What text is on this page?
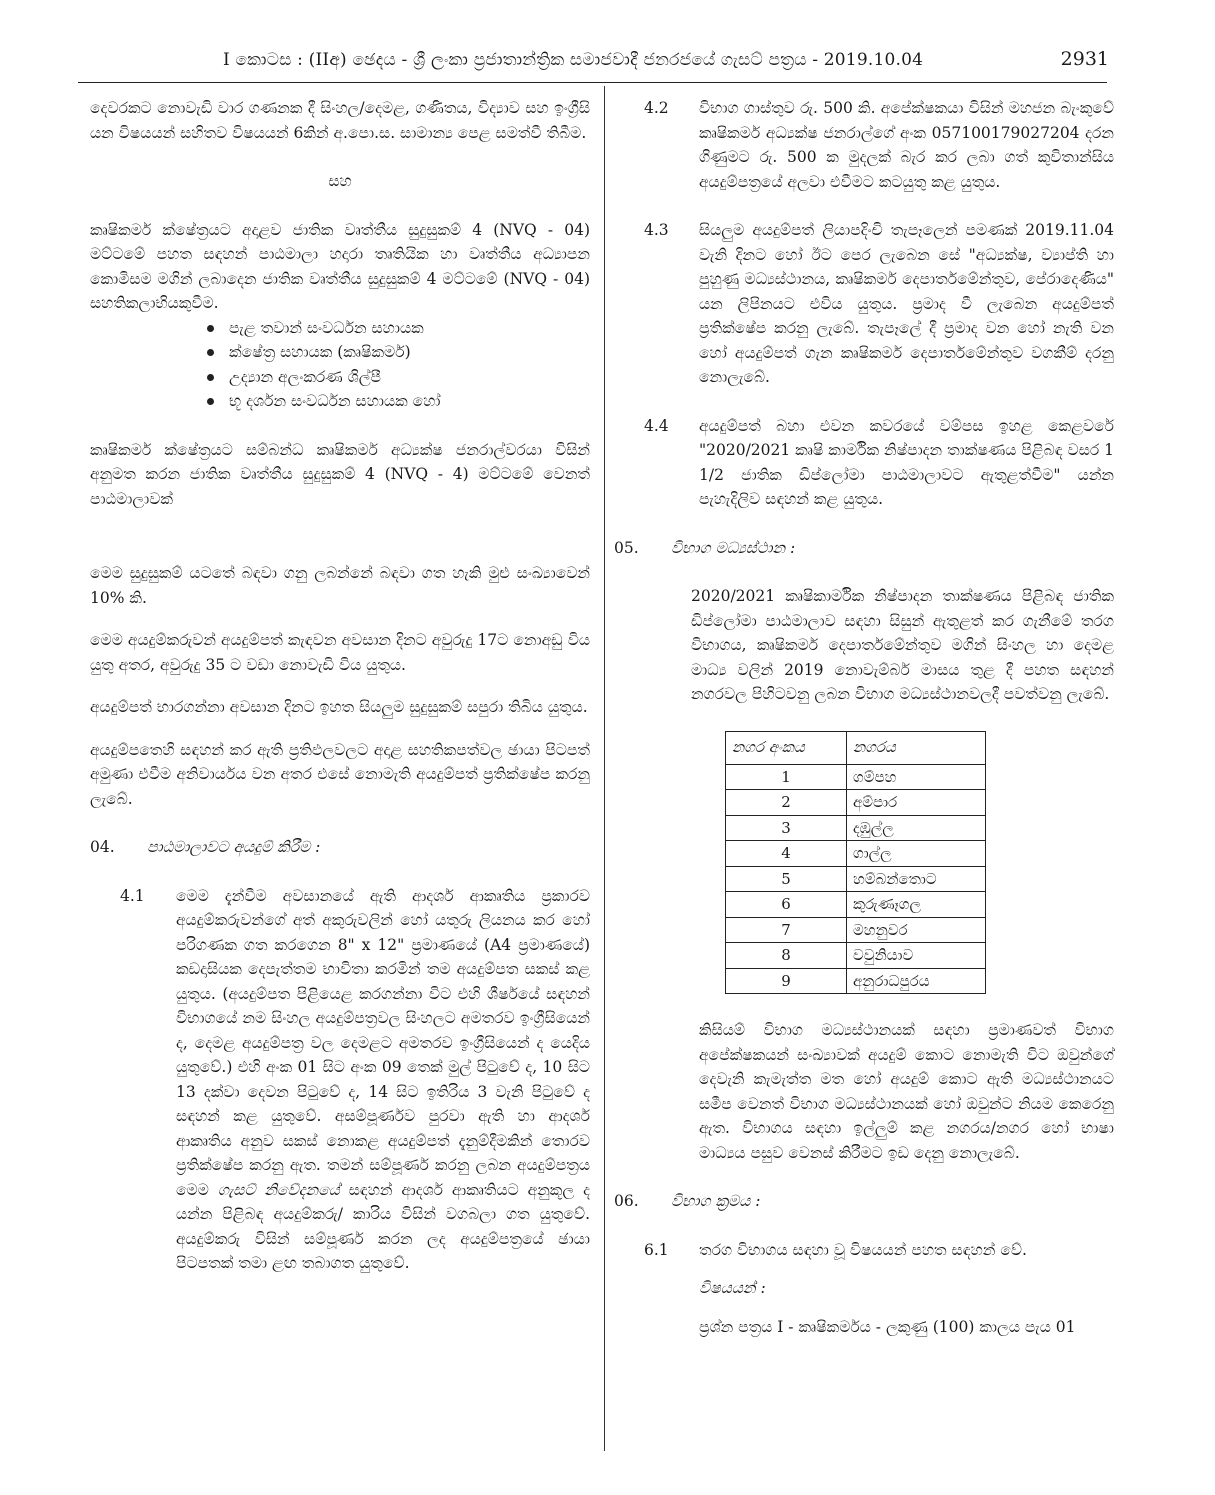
I කොටස : (IIඅ) ඡෙදය - ශ්‍රී ලංකා ප්‍රජාතාන්ත්‍රික සමාජවාදී ජනරජයේ ගැසට් පත්‍රය - 2019.10.04	2931

දෙවරකට නොවැඩි වාර ගණනක දී සිංහල/දෙමළ, ගණිතය, විද්‍යාව සහ ඉංග්‍රීසි යන විෂයයන් සහිතව විෂයයන් 6කින් අ.පො.ස. සාමාන්‍ය පෙළ සමත්වී තිබීම.

සහ

කෘෂිකර්ම ක්ෂේත්‍රයට අදාළව ජාතික වෘත්තීය සුදුසුකම් 4 (NVQ - 04) මට්ටමේ පහත සඳහන් පාඨමාලා හදාරා තෘතියික හා වෘත්තීය අධ්‍යාපන කොමිසම මගින් ලබාදෙන ජාතික වෘත්තීය සුදුසුකම් 4 මට්ටමේ (NVQ - 04) සහතිකලාභියකුවීම.

පැළ තවාන් සංවර්ධන සහායක
ක්ෂේත්‍ර සහායක (කෘෂිකර්ම)
උද්‍යාන අලංකරණ ශිල්පී
භූ දර්ශන සංවර්ධන සහායක හෝ

කෘෂිකර්ම ක්ෂේත්‍රයට සම්බන්ධ කෘෂිකර්ම අධ්‍යක්ෂ ජනරාල්වරයා විසින් අනුමත කරන ජාතික වෘත්තීය සුදුසුකම් 4 (NVQ - 4) මට්ටමේ වෙනත් පාඨමාලාවක්

මෙම සුදුසුකම් යටතේ බඳවා ගනු ලබන්නේ බඳවා ගත හැකි මුළු සංඛ්‍යාවෙන් 10% කි.

මෙම අයදුම්කරුවන් අයදුම්පත් කැඳවන අවසාන දිනට අවුරුදු 17ට නොඅඩු විය යුතු අතර, අවුරුදු 35 ට වඩා නොවැඩි විය යුතුය.

අයදුම්පත් භාරගන්නා අවසාන දිනට ඉහත සියලුම සුදුසුකම් සපුරා තිබිය යුතුය.

අයදුම්පතෙහි සඳහන් කර ඇති ප්‍රතිඵලවලට අදාළ සහතිකපත්වල ඡායා පිටපත් අමුණා එවීම අනිවාර්යය වන අතර එසේ නොමැති අයදුම්පත් ප්‍රතික්ෂේප කරනු ලැබේ.

04.	පාඨමාලාවට අයදුම් කිරීම :
4.1	මෙම දැන්වීම අවසානයේ ඇති ආදර්ශ ආකෘතිය ප්‍රකාරව අයදුම්කරුවන්ගේ අත් අකුරුවලින් හෝ යතුරු ලියනය කර හෝ පරිගණක ගත කරගෙන 8" x 12" ප්‍රමාණයේ (A4 ප්‍රමාණයේ) කඩදාසියක දෙපැත්තම භාවිතා කරමින් තම අයදුම්පත සකස් කළ යුතුය. (අයදුම්පත පිළියෙළ කරගන්නා විට එහි ශීර්ෂයේ සඳහන් විභාගයේ නම සිංහල අයදුම්පත්‍රවල සිංහලට අමතරව ඉංග්‍රීසියෙන් ද, දෙමළ අයදුම්පත්‍ර වල දෙමළට අමතරව ඉංග්‍රීසියෙන් ද යෙදිය යුතුවේ.) එහි අංක 01 සිට අංක 09 තෙක් මුල් පිටුවේ ද, 10 සිට 13 දක්වා දෙවන පිටුවේ ද, 14 සිට ඉතිරිය 3 වැනි පිටුවේ ද සඳහන් කළ යුතුවේ. අසම්පූර්ණව පුරවා ඇති හා ආදර්ශ ආකෘතිය අනුව සකස් නොකළ අයදුම්පත් දැනුම්දීමකින් තොරව ප්‍රතික්ෂේප කරනු ඇත. තමන් සම්පූර්ණ කරනු ලබන අයදුම්පත්‍රය මෙම ගැසට් නිවේදනයේ සඳහන් ආදර්ශ ආකෘතියට අනුකූල ද යන්න පිළිබඳ අයදුම්කරු/ කාරිය විසින් වගබලා ගත යුතුවේ. අයදුම්කරු විසින් සම්පූර්ණ කරන ලද අයදුම්පත්‍රයේ ඡායා පිටපතක් තමා ළඟ තබාගත යුතුවේ.

4.2	විභාග ගාස්තුව රු. 500 කි. අපේක්ෂකයා විසින් මහජන බැංකුවේ කෘෂිකර්ම අධ්‍යක්ෂ ජනරාල්ගේ අංක 057100179027204 දරන ගිණුමට රු. 500 ක මුදලක් බැර කර ලබා ගත් කුවිතාන්සිය අයදුම්පත්‍රයේ අලවා එවීමට කටයුතු කළ යුතුය.

4.3	සියලුම අයදුම්පත් ලියාපදිංචි තැපෑලෙන් පමණක් 2019.11.04 වැනි දිනට හෝ ඊට පෙර ලැබෙන සේ "අධ්‍යක්ෂ, ව්‍යාප්ති හා පුහුණු මධ්‍යස්ථානය, කෘෂිකර්ම දෙපාර්තමේන්තුව, පේරාදෙණිය" යන ලිපිනයට එවිය යුතුය. ප්‍රමාද වී ලැබෙන අයදුම්පත් ප්‍රතික්ෂේප කරනු ලැබේ. තැපෑලේ දී ප්‍රමාද වන හෝ නැති වන හෝ අයදුම්පත් ගැන කෘෂිකර්ම දෙපාර්තමේන්තුව වගකීම් දරනු නොලැබේ.

4.4	අයදුම්පත් බහා එවන කවරයේ වම්පස ඉහළ කෙළවරේ "2020/2021 කෘෂි කාර්මික නිෂ්පාදන තාක්ෂණය පිළිබඳ වසර 1 1/2 ජාතික ඩිප්ලෝමා පාඨමාලාවට ඇතුළත්වීම" යන්න පැහැදිලිව සඳහන් කළ යුතුය.

05.	විභාග මධ්‍යස්ථාන :

2020/2021 කෘෂිකාර්මික නිෂ්පාදන තාක්ෂණය පිළිබඳ ජාතික ඩිප්ලෝමා පාඨමාලාව සඳහා සිසුන් ඇතුළත් කර ගැනීමේ තරග විභාගය, කෘෂිකර්ම දෙපාර්තමේන්තුව මගින් සිංහල හා දෙමළ මාධ්‍ය වලින් 2019 නොවැම්බර් මාසය තුළ දී පහත සඳහන් නගරවල පිහිටවනු ලබන විභාග මධ්‍යස්ථානවලදී පවත්වනු ලැබේ.

නගර අංකය	නගරය
1	ගම්පහ
2	අම්පාර
3	දඹුල්ල
4	ගාල්ල
5	හම්බන්තොට
6	කුරුණෑගල
7	මහනුවර
8	වවුනියාව
9	අනුරාධපුරය

කිසියම් විභාග මධ්‍යස්ථානයක් සඳහා ප්‍රමාණවත් විභාග අපේක්ෂකයන් සංඛ්‍යාවක් අයදුම් කොට නොමැති විට ඔවුන්ගේ දෙවැනි කැමැත්ත මත හෝ අයදුම් කොට ඇති මධ්‍යස්ථානයට සමීප වෙනත් විභාග මධ්‍යස්ථානයක් හෝ ඔවුන්ට නියම කෙරෙනු ඇත. විභාගය සඳහා ඉල්ලුම් කළ නගරය/නගර හෝ භාෂා මාධ්‍යය පසුව වෙනස් කිරීමට ඉඩ දෙනු නොලැබේ.

06.	විභාග ක්‍රමය :
6.1	තරග විභාගය සඳහා වූ විෂයයන් පහත සඳහන් වේ.

විෂයයන් :

ප්‍රශ්න පත්‍රය I - කෘෂිකර්මය - ලකුණු (100) කාලය පැය 01
